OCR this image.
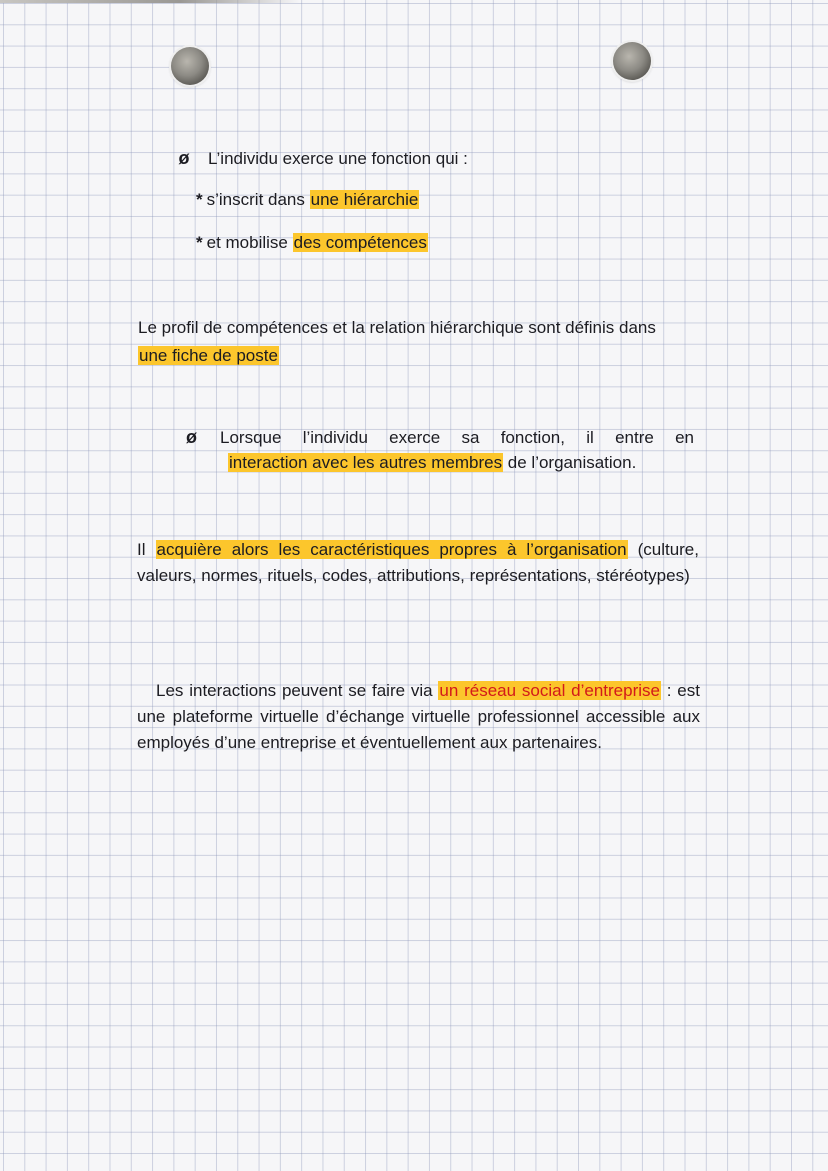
ø L’individu exerce une fonction qui :
* s’inscrit dans une hiérarchie
* et mobilise des compétences
Le profil de compétences et la relation hiérarchique sont définis dans
une fiche de poste
ø Lorsque l’individu exerce sa fonction, il entre en
interaction avec les autres membres de l’organisation.
Il acquière alors les caractéristiques propres à l’organisation (culture, valeurs, normes, rituels, codes, attributions, représentations, stéréotypes)
Les interactions peuvent se faire via un réseau social d’entreprise : est une plateforme virtuelle d’échange virtuelle professionnel accessible aux employés d’une entreprise et éventuellement aux partenaires.
